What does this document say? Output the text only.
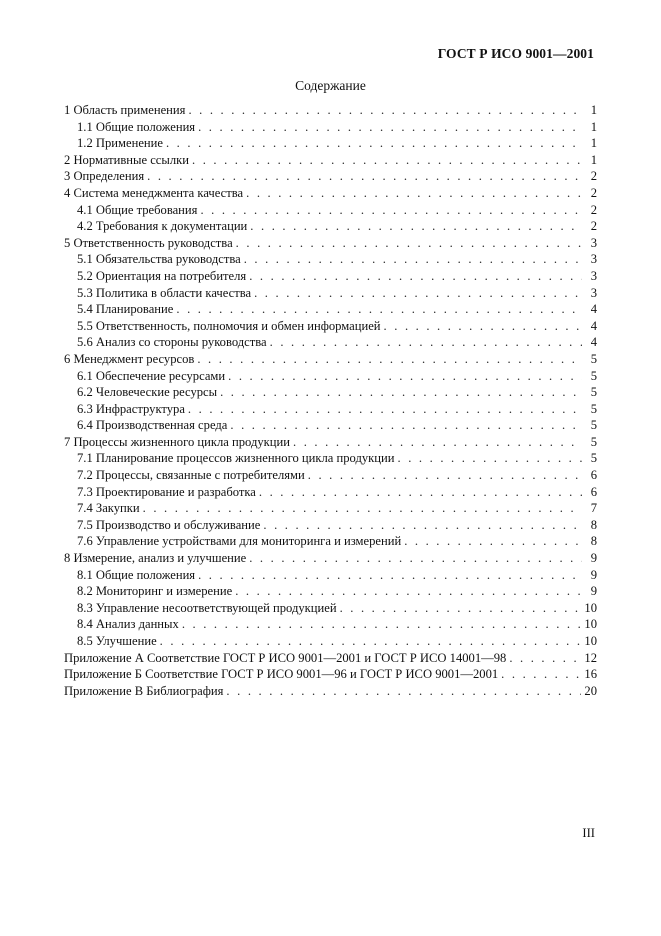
ГОСТ Р ИСО 9001—2001
Содержание
1 Область применения . . .	1
1.1 Общие положения . . .	1
1.2 Применение . . .	1
2 Нормативные ссылки . . .	1
3 Определения . . .	2
4 Система менеджмента качества . . .	2
4.1 Общие требования . . .	2
4.2 Требования к документации . . .	2
5 Ответственность руководства . . .	3
5.1 Обязательства руководства . . .	3
5.2 Ориентация на потребителя . . .	3
5.3 Политика в области качества . . .	3
5.4 Планирование . . .	4
5.5 Ответственность, полномочия и обмен информацией . . .	4
5.6 Анализ со стороны руководства . . .	4
6 Менеджмент ресурсов . . .	5
6.1 Обеспечение ресурсами . . .	5
6.2 Человеческие ресурсы . . .	5
6.3 Инфраструктура . . .	5
6.4 Производственная среда . . .	5
7 Процессы жизненного цикла продукции . . .	5
7.1 Планирование процессов жизненного цикла продукции . . .	5
7.2 Процессы, связанные с потребителями . . .	6
7.3 Проектирование и разработка . . .	6
7.4 Закупки . . .	7
7.5 Производство и обслуживание . . .	8
7.6 Управление устройствами для мониторинга и измерений . . .	8
8 Измерение, анализ и улучшение . . .	9
8.1 Общие положения . . .	9
8.2 Мониторинг и измерение . . .	9
8.3 Управление несоответствующей продукцией . . .	10
8.4 Анализ данных . . .	10
8.5 Улучшение . . .	10
Приложение А Соответствие ГОСТ Р ИСО 9001—2001 и ГОСТ Р ИСО 14001—98 . . .	12
Приложение Б Соответствие ГОСТ Р ИСО 9001—96 и ГОСТ Р ИСО 9001—2001 . . .	16
Приложение В Библиография . . .	20
III
